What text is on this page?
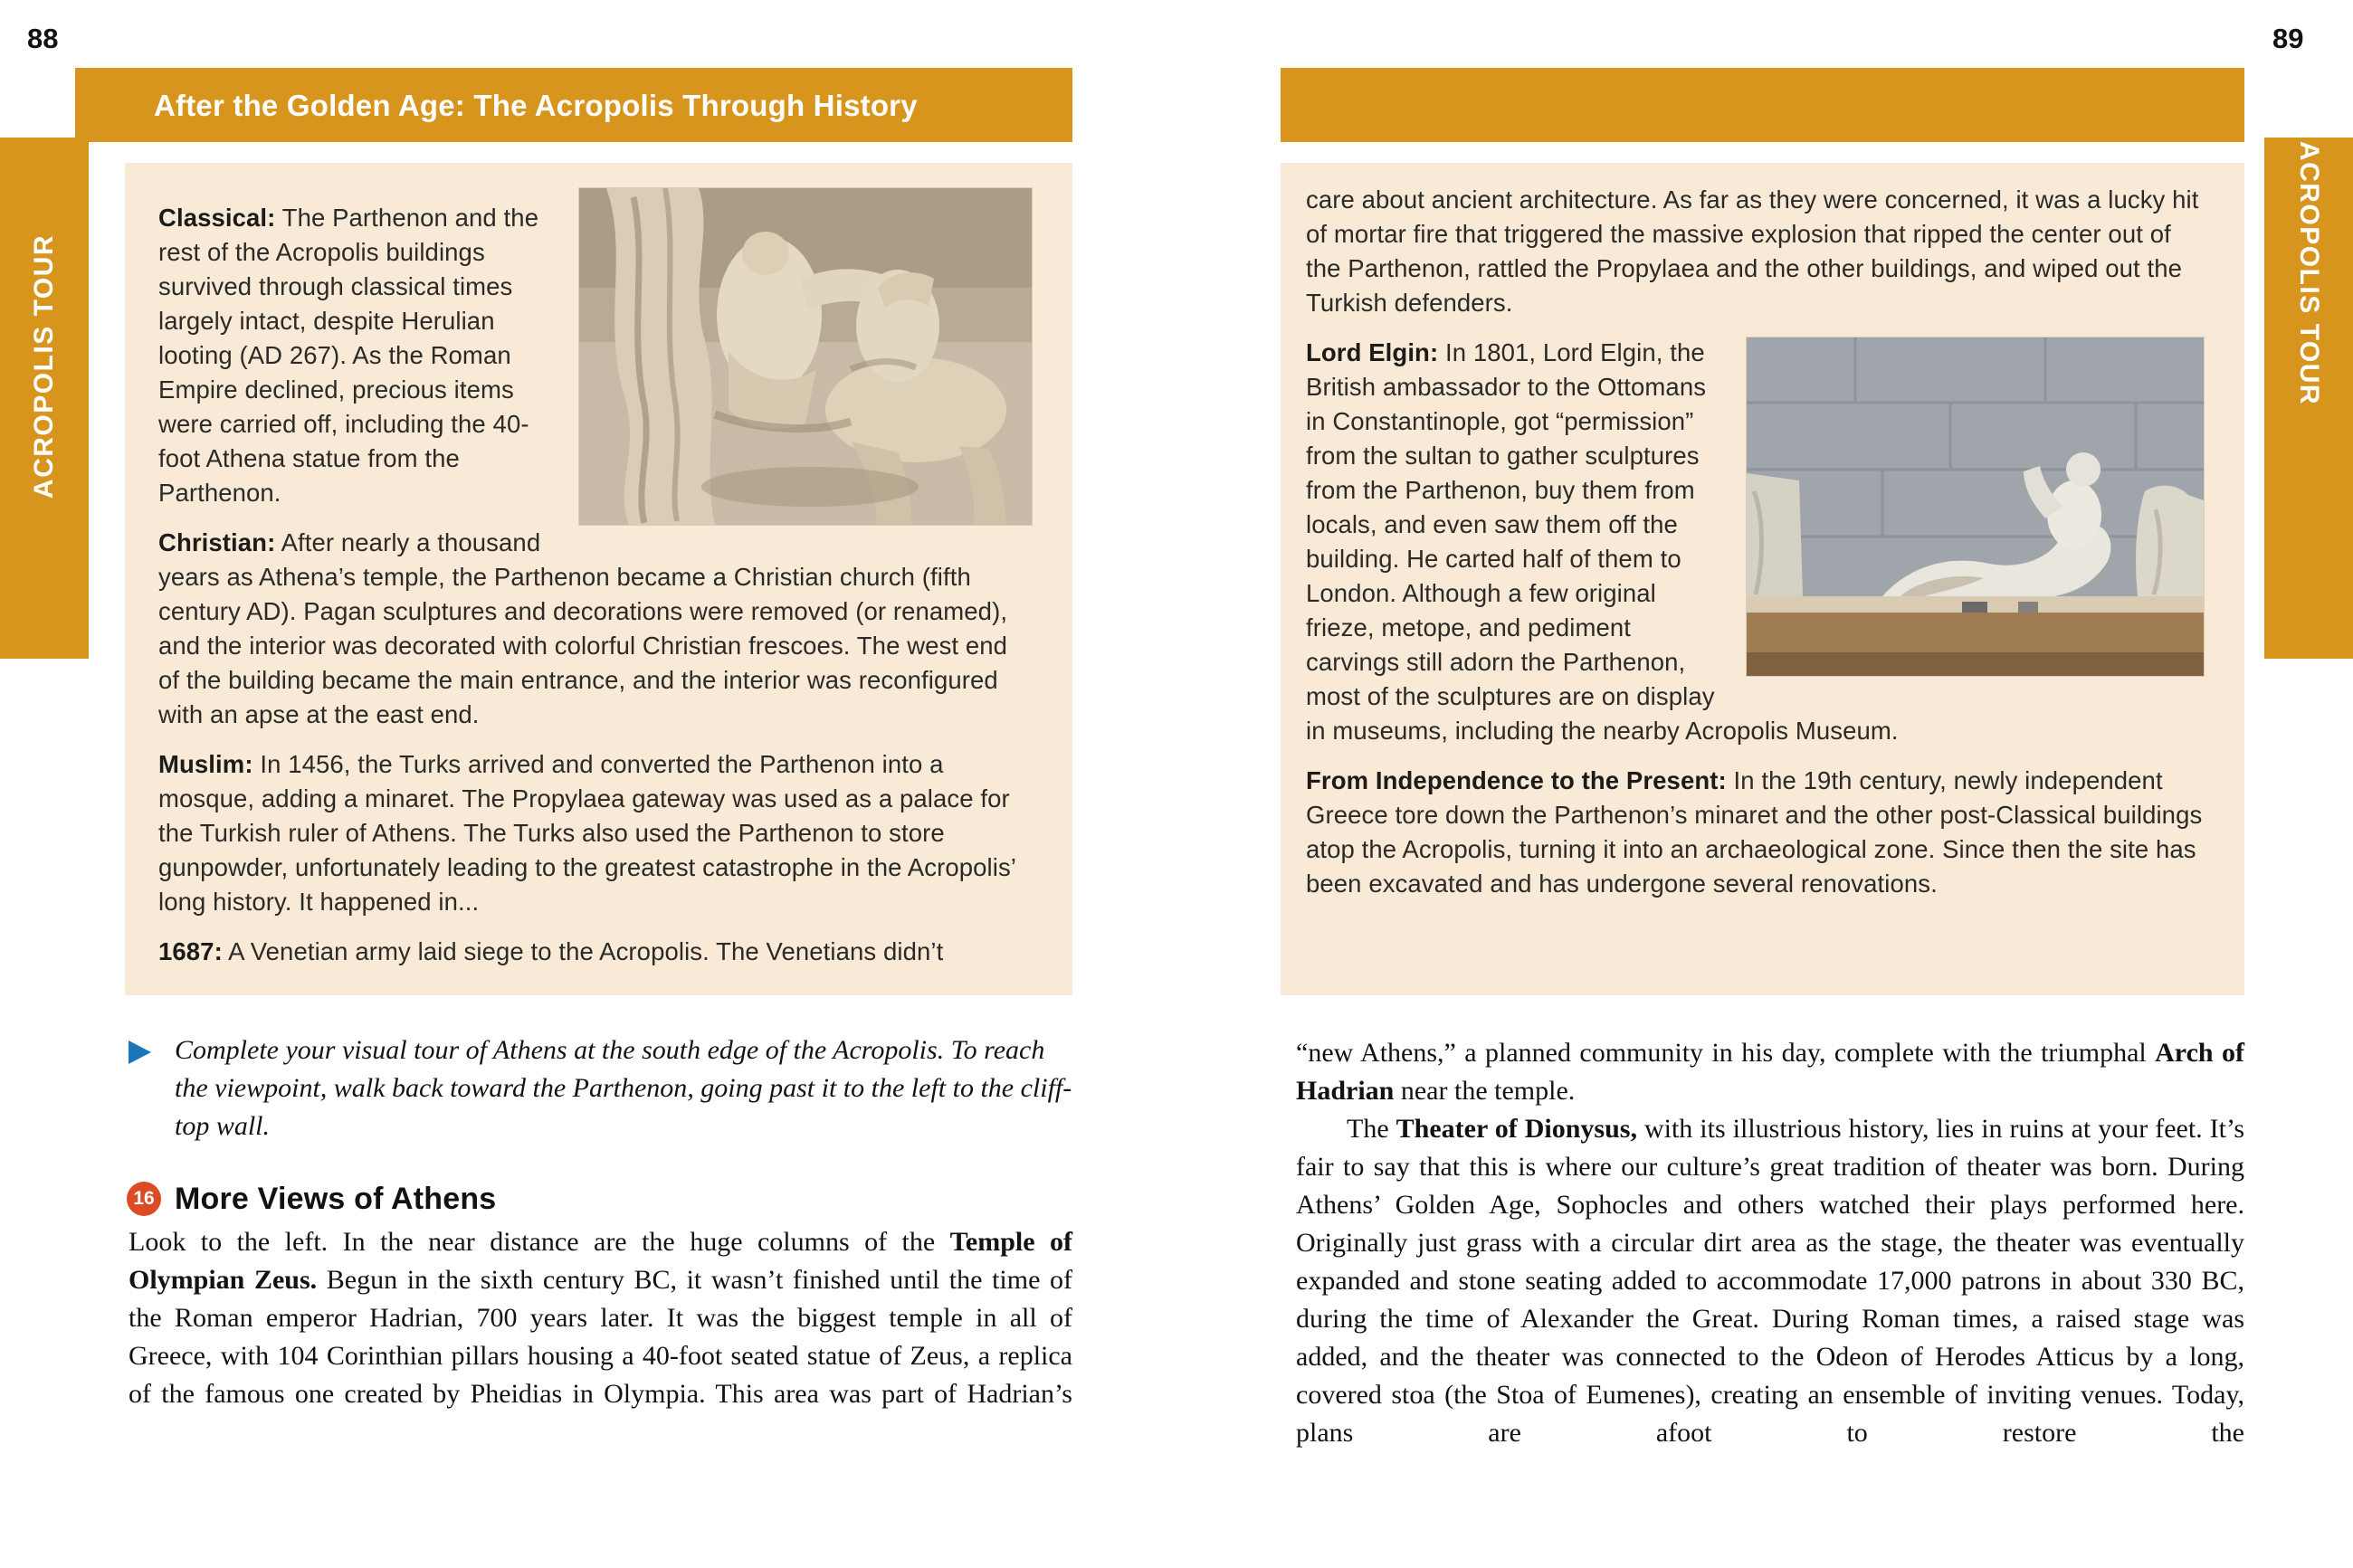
88	89
ACROPOLIS TOUR	ACROPOLIS TOUR
After the Golden Age: The Acropolis Through History

Classical: The Parthenon and the rest of the Acropolis buildings survived through classical times largely intact, despite Herulian looting (AD 267). As the Roman Empire declined, precious items were carried off, including the 40-foot Athena statue from the Parthenon.

Christian: After nearly a thousand years as Athena’s temple, the Parthenon became a Christian church (fifth century AD). Pagan sculptures and decorations were removed (or renamed), and the interior was decorated with colorful Christian frescoes. The west end of the building became the main entrance, and the interior was reconfigured with an apse at the east end.

Muslim: In 1456, the Turks arrived and converted the Parthenon into a mosque, adding a minaret. The Propylaea gateway was used as a palace for the Turkish ruler of Athens. The Turks also used the Parthenon to store gunpowder, unfortunately leading to the greatest catastrophe in the Acropolis’ long history. It happened in...

1687: A Venetian army laid siege to the Acropolis. The Venetians didn’t

care about ancient architecture. As far as they were concerned, it was a lucky hit of mortar fire that triggered the massive explosion that ripped the center out of the Parthenon, rattled the Propylaea and the other buildings, and wiped out the Turkish defenders.

Lord Elgin: In 1801, Lord Elgin, the British ambassador to the Ottomans in Constantinople, got “permission” from the sultan to gather sculptures from the Parthenon, buy them from locals, and even saw them off the building. He carted half of them to London. Although a few original frieze, metope, and pediment carvings still adorn the Parthenon, most of the sculptures are on display in museums, including the nearby Acropolis Museum.

From Independence to the Present: In the 19th century, newly independent Greece tore down the Parthenon’s minaret and the other post-Classical buildings atop the Acropolis, turning it into an archaeological zone. Since then the site has been excavated and has undergone several renovations.

Complete your visual tour of Athens at the south edge of the Acropolis. To reach the viewpoint, walk back toward the Parthenon, going past it to the left to the cliff-top wall.

16 More Views of Athens

Look to the left. In the near distance are the huge columns of the Temple of Olympian Zeus. Begun in the sixth century BC, it wasn’t finished until the time of the Roman emperor Hadrian, 700 years later. It was the biggest temple in all of Greece, with 104 Corinthian pillars housing a 40-foot seated statue of Zeus, a replica of the famous one created by Pheidias in Olympia. This area was part of Hadrian’s

“new Athens,” a planned community in his day, complete with the triumphal Arch of Hadrian near the temple.

The Theater of Dionysus, with its illustrious history, lies in ruins at your feet. It’s fair to say that this is where our culture’s great tradition of theater was born. During Athens’ Golden Age, Sophocles and others watched their plays performed here. Originally just grass with a circular dirt area as the stage, the theater was eventually expanded and stone seating added to accommodate 17,000 patrons in about 330 BC, during the time of Alexander the Great. During Roman times, a raised stage was added, and the theater was connected to the Odeon of Herodes Atticus by a long, covered stoa (the Stoa of Eumenes), creating an ensemble of inviting venues. Today, plans are afoot to restore the
